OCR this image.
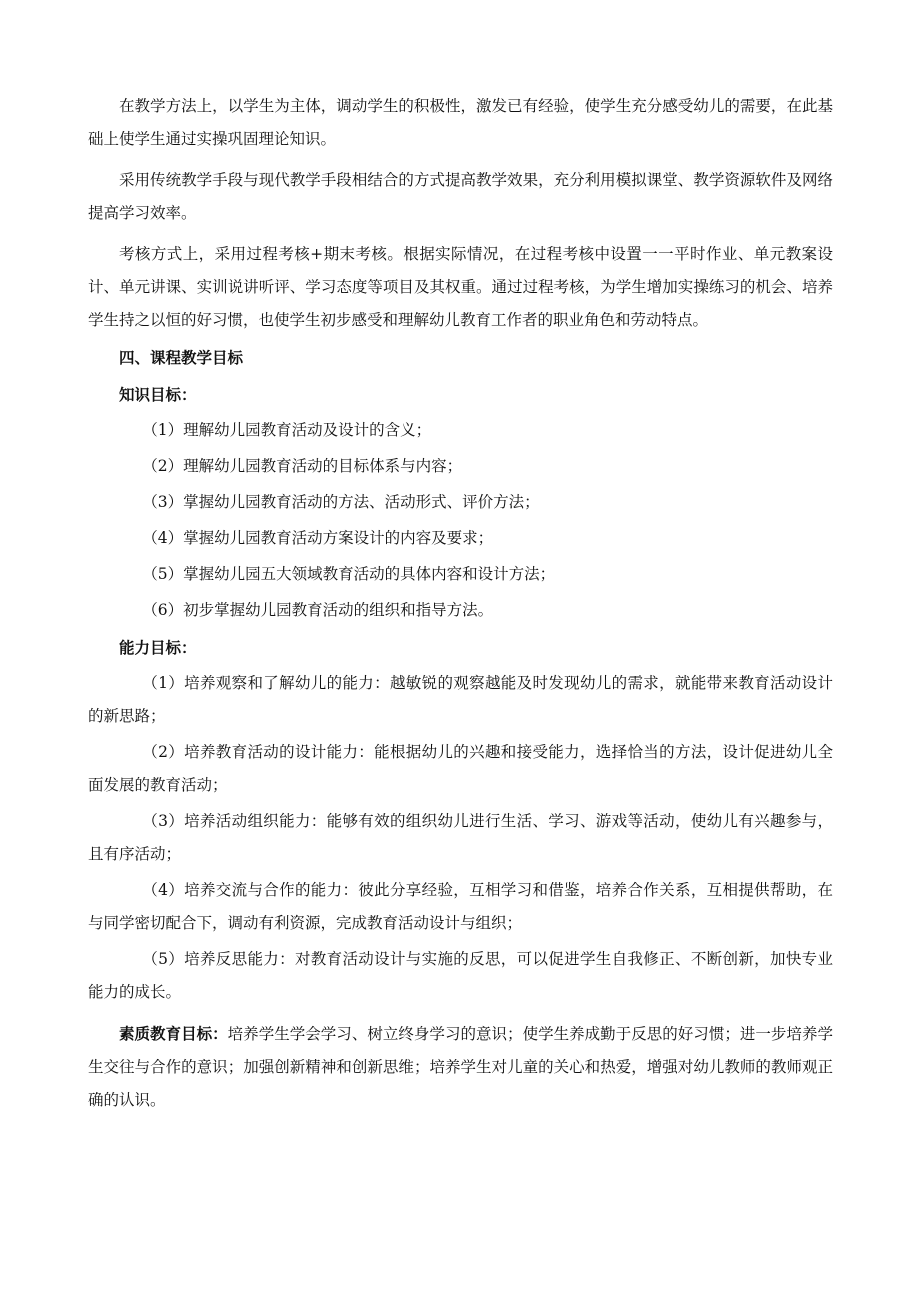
在教学方法上，以学生为主体，调动学生的积极性，激发已有经验，使学生充分感受幼儿的需要，在此基础上使学生通过实操巩固理论知识。

采用传统教学手段与现代教学手段相结合的方式提高教学效果，充分利用模拟课堂、教学资源软件及网络提高学习效率。

考核方式上，采用过程考核+期末考核。根据实际情况，在过程考核中设置一一平时作业、单元教案设计、单元讲课、实训说讲听评、学习态度等项目及其权重。通过过程考核，为学生增加实操练习的机会、培养学生持之以恒的好习惯，也使学生初步感受和理解幼儿教育工作者的职业角色和劳动特点。

四、课程教学目标

知识目标：

（1）理解幼儿园教育活动及设计的含义；

（2）理解幼儿园教育活动的目标体系与内容；

（3）掌握幼儿园教育活动的方法、活动形式、评价方法；

（4）掌握幼儿园教育活动方案设计的内容及要求；

（5）掌握幼儿园五大领域教育活动的具体内容和设计方法；

（6）初步掌握幼儿园教育活动的组织和指导方法。

能力目标：

（1）培养观察和了解幼儿的能力：越敏锐的观察越能及时发现幼儿的需求，就能带来教育活动设计的新思路；

（2）培养教育活动的设计能力：能根据幼儿的兴趣和接受能力，选择恰当的方法，设计促进幼儿全面发展的教育活动；

（3）培养活动组织能力：能够有效的组织幼儿进行生活、学习、游戏等活动，使幼儿有兴趣参与，且有序活动；

（4）培养交流与合作的能力：彼此分享经验，互相学习和借鉴，培养合作关系，互相提供帮助，在与同学密切配合下，调动有利资源，完成教育活动设计与组织；

（5）培养反思能力：对教育活动设计与实施的反思，可以促进学生自我修正、不断创新，加快专业能力的成长。

素质教育目标：培养学生学会学习、树立终身学习的意识；使学生养成勤于反思的好习惯；进一步培养学生交往与合作的意识；加强创新精神和创新思维；培养学生对儿童的关心和热爱，增强对幼儿教师的教师观正确的认识。
